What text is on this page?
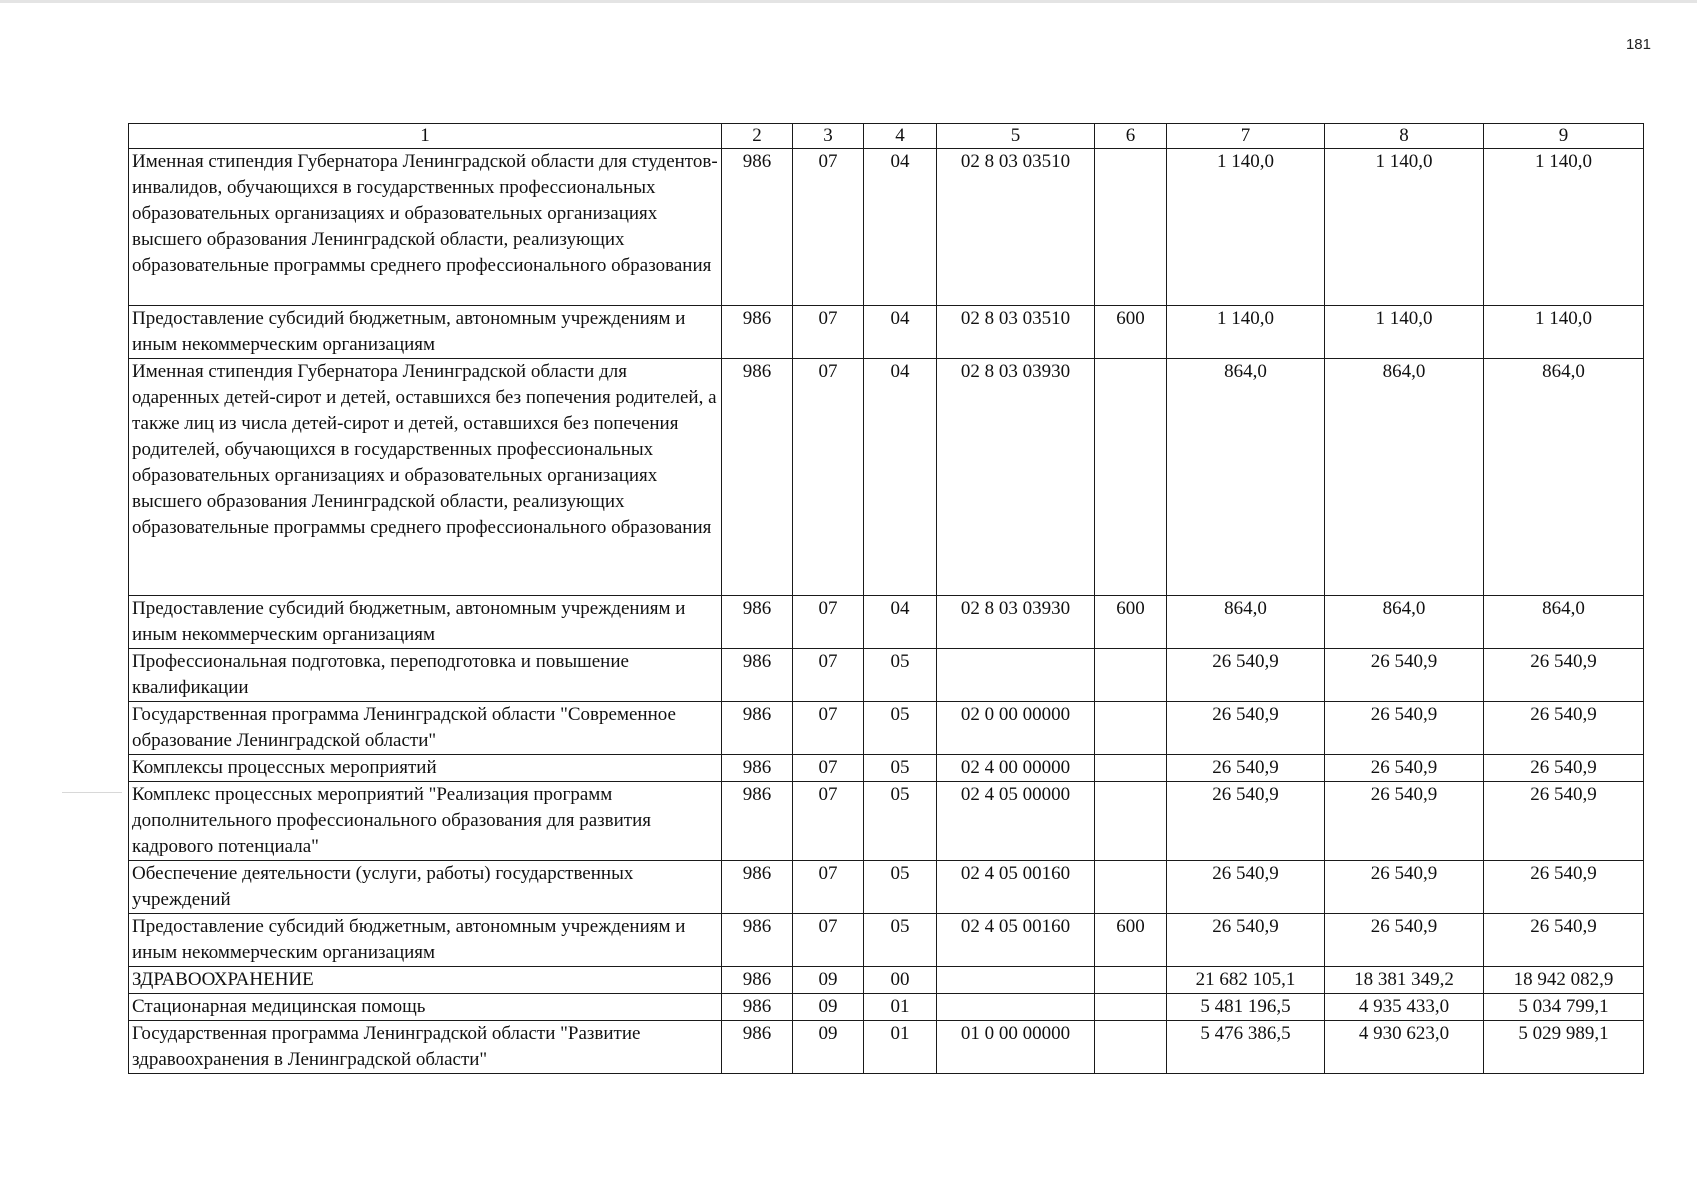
181
1	2	3	4	5	6	7	8	9
Именная стипендия Губернатора Ленинградской области для студентов-инвалидов, обучающихся в государственных профессиональных образовательных организациях и образовательных организациях высшего образования Ленинградской области, реализующих образовательные программы среднего профессионального образования	986	07	04	02 8 03 03510		1 140,0	1 140,0	1 140,0
Предоставление субсидий бюджетным, автономным учреждениям и иным некоммерческим организациям	986	07	04	02 8 03 03510	600	1 140,0	1 140,0	1 140,0
Именная стипендия Губернатора Ленинградской области для одаренных детей-сирот и детей, оставшихся без попечения родителей, а также лиц из числа детей-сирот и детей, оставшихся без попечения родителей, обучающихся в государственных профессиональных образовательных организациях и образовательных организациях высшего образования Ленинградской области, реализующих образовательные программы среднего профессионального образования	986	07	04	02 8 03 03930		864,0	864,0	864,0
Предоставление субсидий бюджетным, автономным учреждениям и иным некоммерческим организациям	986	07	04	02 8 03 03930	600	864,0	864,0	864,0
Профессиональная подготовка, переподготовка и повышение квалификации	986	07	05			26 540,9	26 540,9	26 540,9
Государственная программа Ленинградской области "Современное образование Ленинградской области"	986	07	05	02 0 00 00000		26 540,9	26 540,9	26 540,9
Комплексы процессных мероприятий	986	07	05	02 4 00 00000		26 540,9	26 540,9	26 540,9
Комплекс процессных мероприятий "Реализация программ дополнительного профессионального образования для развития кадрового потенциала"	986	07	05	02 4 05 00000		26 540,9	26 540,9	26 540,9
Обеспечение деятельности (услуги, работы) государственных учреждений	986	07	05	02 4 05 00160		26 540,9	26 540,9	26 540,9
Предоставление субсидий бюджетным, автономным учреждениям и иным некоммерческим организациям	986	07	05	02 4 05 00160	600	26 540,9	26 540,9	26 540,9
ЗДРАВООХРАНЕНИЕ	986	09	00			21 682 105,1	18 381 349,2	18 942 082,9
Стационарная медицинская помощь	986	09	01			5 481 196,5	4 935 433,0	5 034 799,1
Государственная программа Ленинградской области "Развитие здравоохранения в Ленинградской области"	986	09	01	01 0 00 00000		5 476 386,5	4 930 623,0	5 029 989,1
